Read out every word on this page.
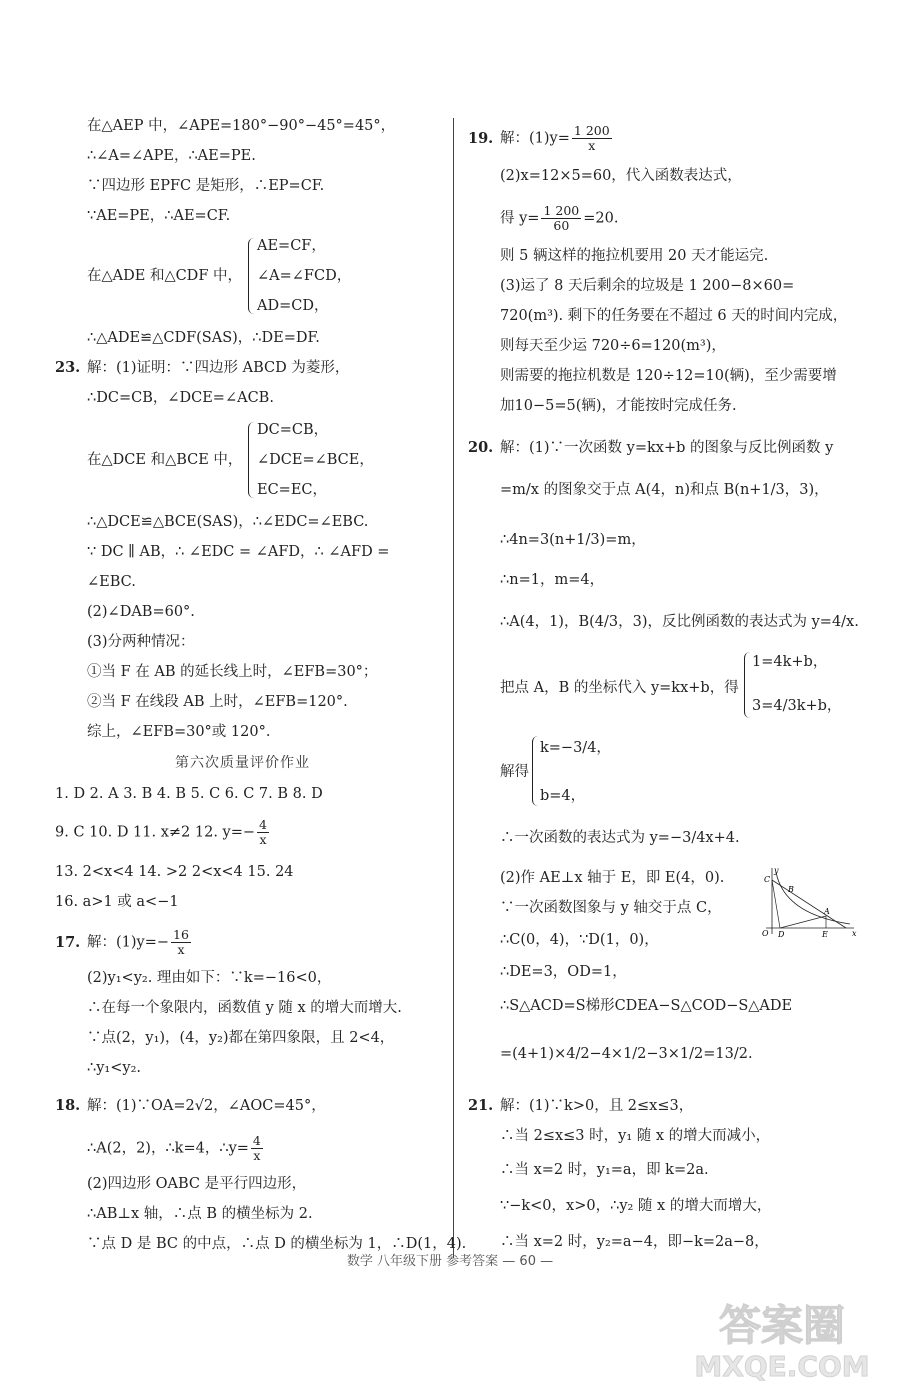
在△AEP 中，∠APE=180°−90°−45°=45°，
∴∠A=∠APE，∴AE=PE.
∵四边形 EPFC 是矩形，∴EP=CF.
∵AE=PE，∴AE=CF.
在△ADE 和△CDF 中，
AE=CF，
∠A=∠FCD，
AD=CD，
∴△ADE≌△CDF(SAS)，∴DE=DF.
23. 解：(1)证明：∵四边形 ABCD 为菱形，
∴DC=CB，∠DCE=∠ACB.
在△DCE 和△BCE 中，
DC=CB，
∠DCE=∠BCE，
EC=EC，
∴△DCE≌△BCE(SAS)，∴∠EDC=∠EBC.
∵ DC ∥ AB，∴ ∠EDC = ∠AFD，∴ ∠AFD =
∠EBC.
(2)∠DAB=60°.
(3)分两种情况：
①当 F 在 AB 的延长线上时，∠EFB=30°；
②当 F 在线段 AB 上时，∠EFB=120°.
综上，∠EFB=30°或 120°.
第六次质量评价作业
1. D 2. A 3. B 4. B 5. C 6. C 7. B 8. D
9. C 10. D 11. x≠2 12. $y=- \frac{4}{x}$
13. 2<x<4 14. >2 2<x<4 15. 24
16. a>1 或 a<−1
17. 解：$(1)y=- \frac{16}{x}$
(2)y₁<y₂. 理由如下：∵k=−16<0，
∴在每一个象限内，函数值 y 随 x 的增大而增大.
∵点(2，y₁)，(4，y₂)都在第四象限，且 2<4，
∴y₁<y₂.
18. 解：(1)∵OA=2√2，∠AOC=45°，
∴A(2，2)，∴k=4，∴y= $\frac{4}{x}$
(2)四边形 OABC 是平行四边形，
∴AB⊥x 轴，∴点 B 的横坐标为 2.
∵点 D 是 BC 的中点，∴点 D 的横坐标为 1，∴D(1，4).
19. 解：$(1)y= \frac{1 200}{x}$
(2)x=12×5=60，代入函数表达式，
得 $y= \frac{1 200}{60} =20$.
则 5 辆这样的拖拉机要用 20 天才能运完.
(3)运了 8 天后剩余的垃圾是 1 200−8×60=
720(m³). 剩下的任务要在不超过 6 天的时间内完成，
则每天至少运 720÷6=120(m³)，
则需要的拖拉机数是 120÷12=10(辆)，至少需要增
加10−5=5(辆)，才能按时完成任务.
20. 解：(1)∵一次函数 y=kx+b 的图象与反比例函数 y
=m/x 的图象交于点 A(4，n)和点 B(n+1/3，3)，
∴4n=3(n+1/3)=m，
∴n=1，m=4，
∴A(4，1)，B(4/3，3)，反比例函数的表达式为 y=4/x.
把点 A，B 的坐标代入 y=kx+b，得
1=4k+b，
3=4/3k+b，
解得
k=−3/4，
b=4，
∴一次函数的表达式为 y=−3/4x+4.
(2)作 AE⊥x 轴于 E，即 E(4，0).
∵一次函数图象与 y 轴交于点 C，
∴C(0，4)，∵D(1，0)，
∴DE=3，OD=1，
∴S△ACD=S梯形CDEA−S△COD−S△ADE
=(4+1)×4/2−4×1/2−3×1/2=13/2.
y
x
O
C
B
A
D	E
21. 解：(1)∵k>0，且 2≤x≤3，
∴当 2≤x≤3 时，y₁ 随 x 的增大而减小，
∴当 x=2 时，y₁=a，即 k=2a.
∵−k<0，x>0，∴y₂ 随 x 的增大而增大，
∴当 x=2 时，y₂=a−4，即−k=2a−8，
数学 八年级下册 参考答案 — 60 —
答案圈
MXQE.COM
